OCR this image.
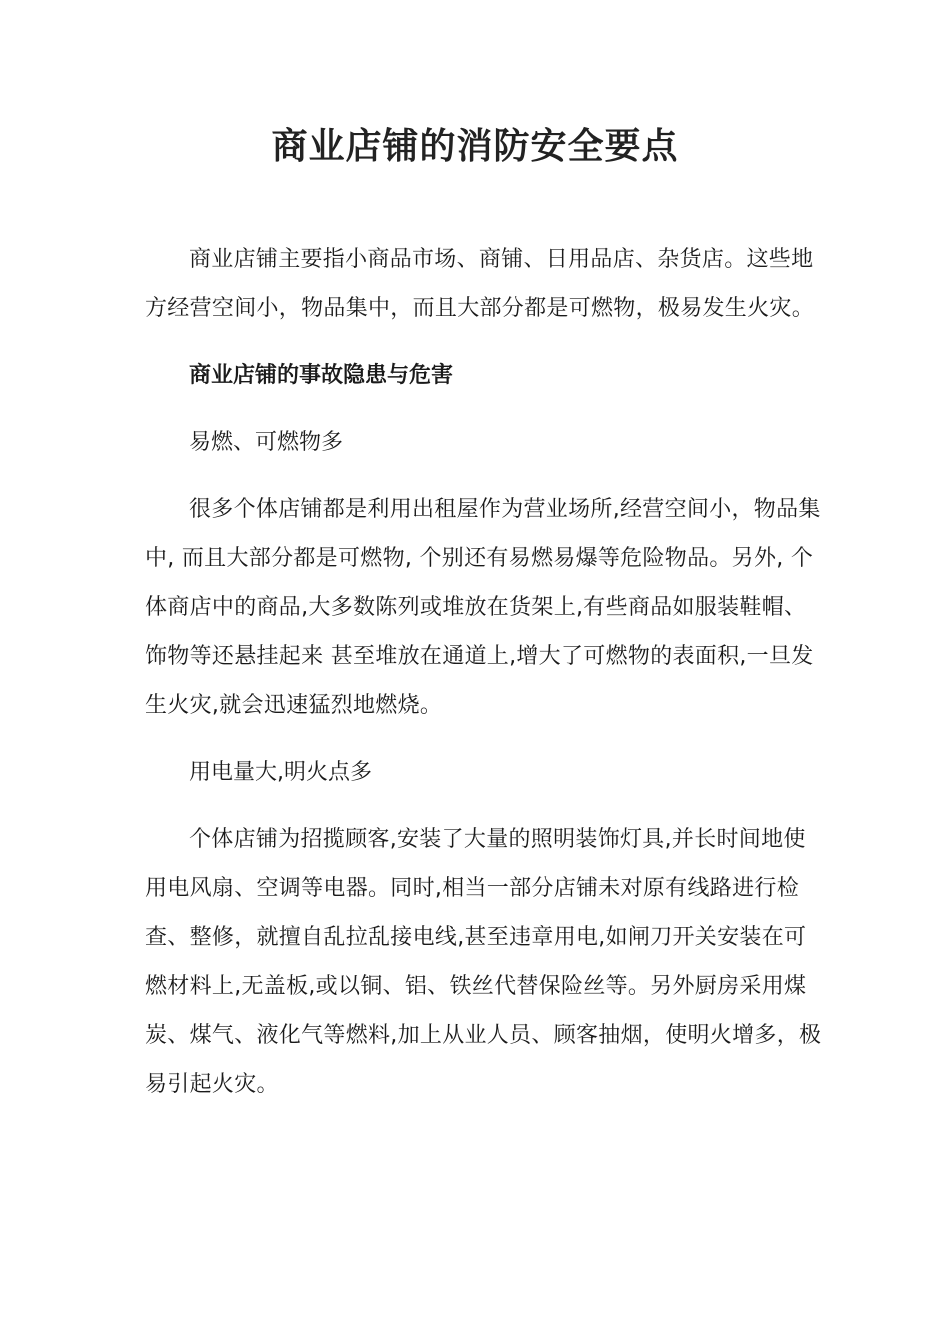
商业店铺的消防安全要点

商业店铺主要指小商品市场、商铺、日用品店、杂货店。这些地方经营空间小，物品集中，而且大部分都是可燃物，极易发生火灾。

商业店铺的事故隐患与危害

易燃、可燃物多

很多个体店铺都是利用出租屋作为营业场所,经营空间小，物品集中, 而且大部分都是可燃物, 个别还有易燃易爆等危险物品。另外, 个体商店中的商品,大多数陈列或堆放在货架上,有些商品如服装鞋帽、饰物等还悬挂起来 甚至堆放在通道上,增大了可燃物的表面积,一旦发生火灾,就会迅速猛烈地燃烧。

用电量大,明火点多

个体店铺为招揽顾客,安装了大量的照明装饰灯具,并长时间地使用电风扇、空调等电器。同时,相当一部分店铺未对原有线路进行检查、整修，就擅自乱拉乱接电线,甚至违章用电,如闸刀开关安装在可燃材料上,无盖板,或以铜、铝、铁丝代替保险丝等。另外厨房采用煤炭、煤气、液化气等燃料,加上从业人员、顾客抽烟，使明火增多，极易引起火灾。
